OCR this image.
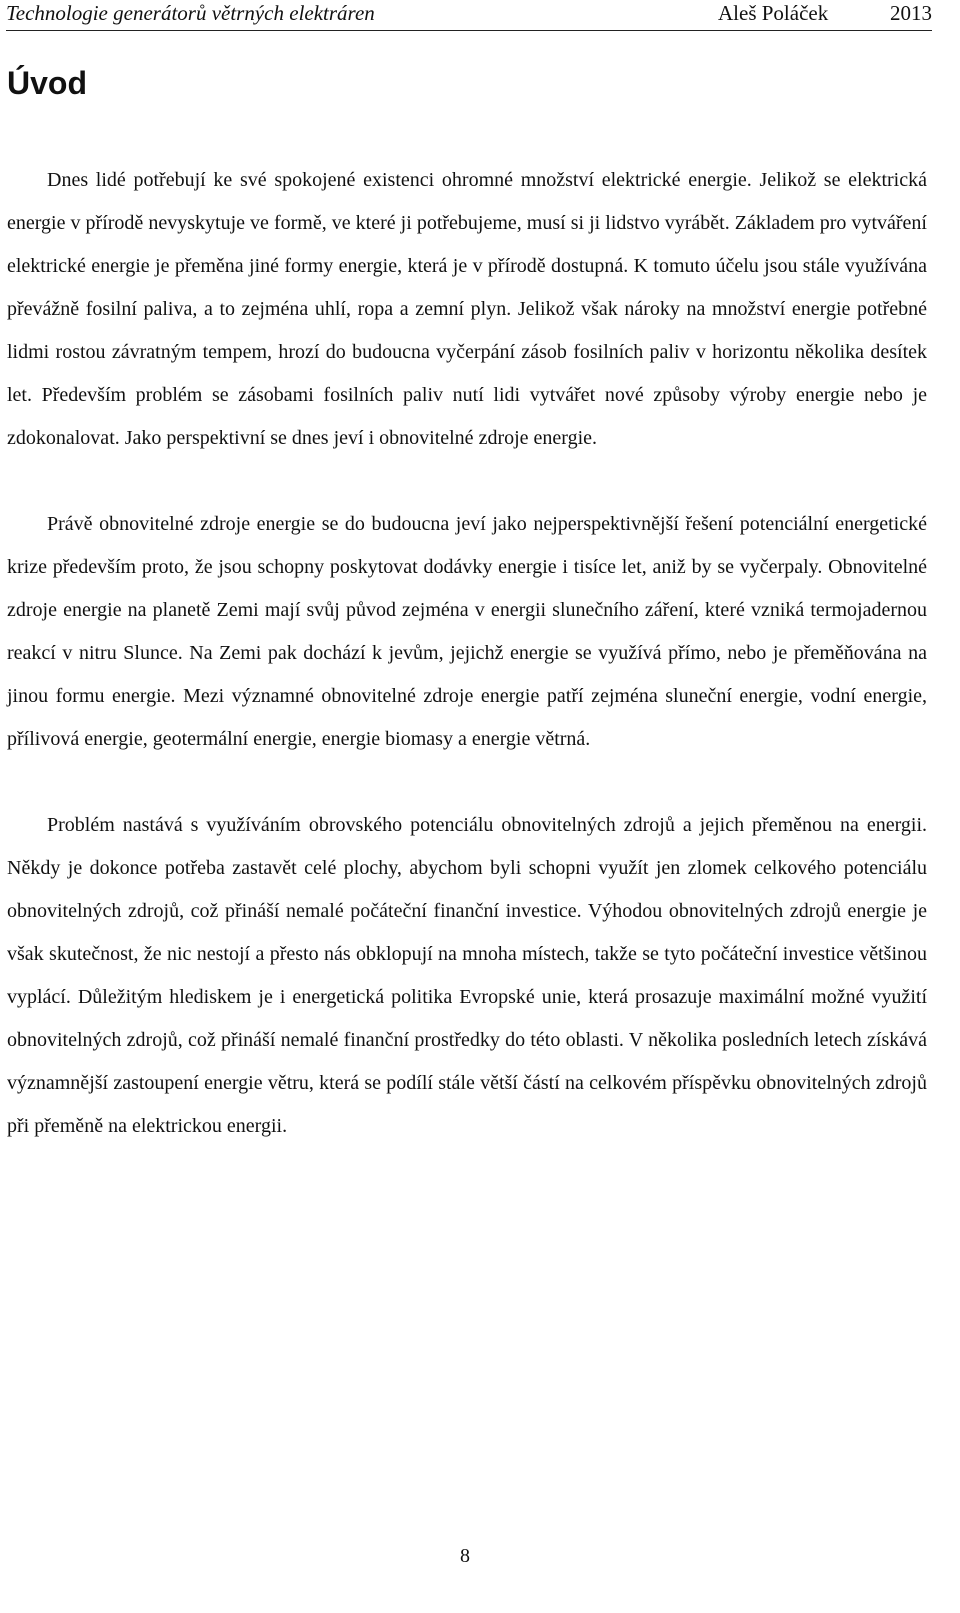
Technologie generátorů větrných elektráren	Aleš Poláček	2013
Úvod

Dnes lidé potřebují ke své spokojené existenci ohromné množství elektrické energie. Jelikož se elektrická energie v přírodě nevyskytuje ve formě, ve které ji potřebujeme, musí si ji lidstvo vyrábět. Základem pro vytváření elektrické energie je přeměna jiné formy energie, která je v přírodě dostupná. K tomuto účelu jsou stále využívána převážně fosilní paliva, a to zejména uhlí, ropa a zemní plyn. Jelikož však nároky na množství energie potřebné lidmi rostou závratným tempem, hrozí do budoucna vyčerpání zásob fosilních paliv v horizontu několika desítek let. Především problém se zásobami fosilních paliv nutí lidi vytvářet nové způsoby výroby energie nebo je zdokonalovat. Jako perspektivní se dnes jeví i obnovitelné zdroje energie.

Právě obnovitelné zdroje energie se do budoucna jeví jako nejperspektivnější řešení potenciální energetické krize především proto, že jsou schopny poskytovat dodávky energie i tisíce let, aniž by se vyčerpaly. Obnovitelné zdroje energie na planetě Zemi mají svůj původ zejména v energii slunečního záření, které vzniká termojadernou reakcí v nitru Slunce. Na Zemi pak dochází k jevům, jejichž energie se využívá přímo, nebo je přeměňována na jinou formu energie. Mezi významné obnovitelné zdroje energie patří zejména sluneční energie, vodní energie, přílivová energie, geotermální energie, energie biomasy a energie větrná.

Problém nastává s využíváním obrovského potenciálu obnovitelných zdrojů a jejich přeměnou na energii. Někdy je dokonce potřeba zastavět celé plochy, abychom byli schopni využít jen zlomek celkového potenciálu obnovitelných zdrojů, což přináší nemalé počáteční finanční investice. Výhodou obnovitelných zdrojů energie je však skutečnost, že nic nestojí a přesto nás obklopují na mnoha místech, takže se tyto počáteční investice většinou vyplácí. Důležitým hlediskem je i energetická politika Evropské unie, která prosazuje maximální možné využití obnovitelných zdrojů, což přináší nemalé finanční prostředky do této oblasti. V několika posledních letech získává významnější zastoupení energie větru, která se podílí stále větší částí na celkovém příspěvku obnovitelných zdrojů při přeměně na elektrickou energii.

8
